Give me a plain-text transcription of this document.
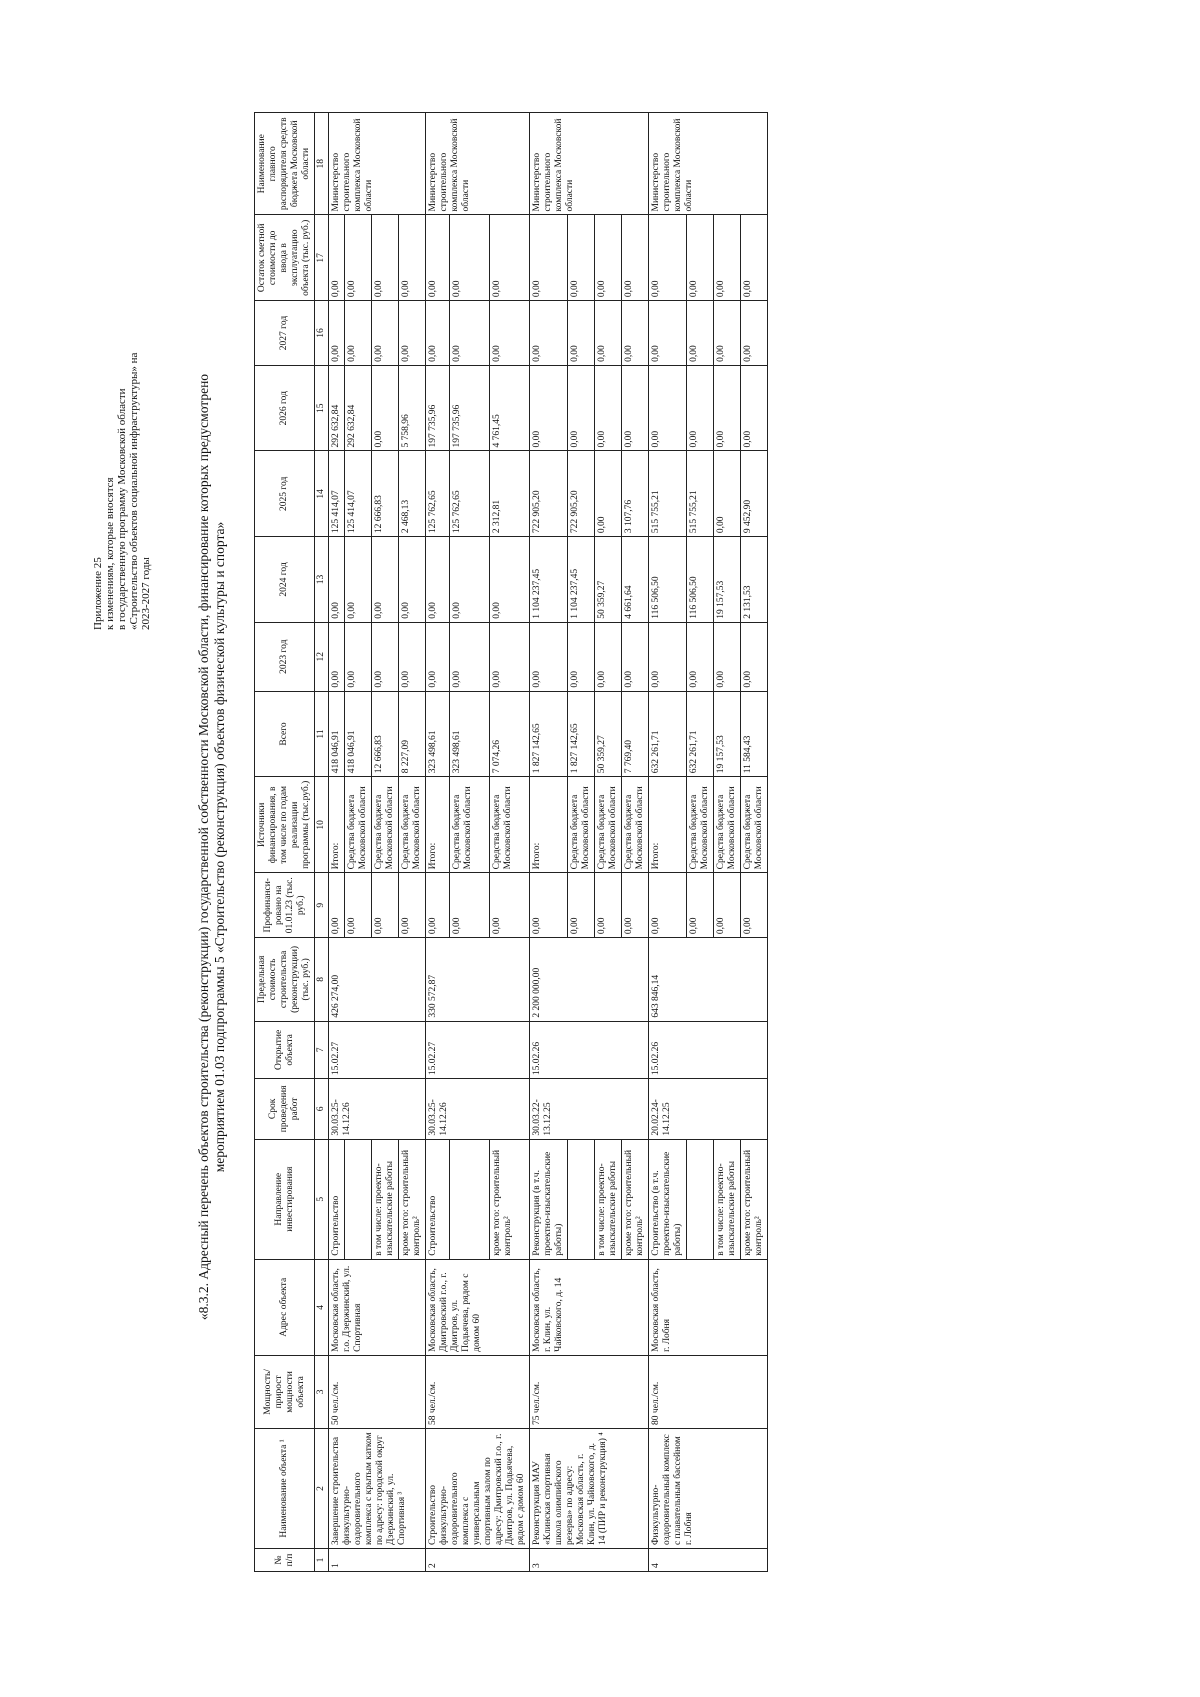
Приложение 25 к изменениям, которые вносятся в государственную программу Московской области «Строительство объектов социальной инфраструктуры» на 2023-2027 годы	«8.3.2. Адресный перечень объектов строительства (реконструкции) государственной собственности Московской области, финансирование которых предусмотрено мероприятием 01.03 подпрограммы 5 «Строительство (реконструкция) объектов физической культуры и спорта»
№ п/п	Наименование объекта ¹	Мощность/ прирост мощности объекта	Адрес объекта	Направление инвестирования	Срок проведения работ	Открытие объекта	Предельная стоимость строительства (реконструкции) (тыс. руб.)	Профинанси-ровано на 01.01.23 (тыс. руб.)	Источники финансирования, в том числе по годам реализации программы (тыс.руб.)	Всего	2023 год	2024 год	2025 год	2026 год	2027 год	Остаток сметной стоимости до ввода в эксплуатацию объекта (тыс. руб.)	Наименование главного распорядителя средств бюджета Московской области
1	2	3	4	5	6	7	8	9	10	11	12	13	14	15	16	17	18
1	Завершение строительства физкультурно-оздоровительного комплекса с крытым катком по адресу: городской округ Дзержинский, ул. Спортивная ³	50 чел./см.	Московская область, г.о. Дзержинский, ул. Спортивная	Строительство	30.03.25-14.12.26	15.02.27	426 274,00	0,00	Итого:	418 046,91	0,00	0,00	125 414,07	292 632,84	0,00	0,00	Министерство строительного комплекса Московской области
								0,00	Средства бюджета Московской области	418 046,91	0,00	0,00	125 414,07	292 632,84	0,00	0,00	
				в том числе: проектно-изыскательские работы				0,00	Средства бюджета Московской области	12 666,83	0,00	0,00	12 666,83	0,00	0,00	0,00	
				кроме того: строительный контроль²				0,00	Средства бюджета Московской области	8 227,09	0,00	0,00	2 468,13	5 758,96	0,00	0,00	
2	Строительство физкультурно-оздоровительного комплекса с универсальным спортивным залом по адресу: Дмитровский г.о., г. Дмитров, ул. Подьячева, рядом с домом 60	58 чел./см.	Московская область, Дмитровский г.о., г. Дмитров, ул. Подьячева, рядом с домом 60	Строительство	30.03.25-14.12.26	15.02.27	330 572,87	0,00	Итого:	323 498,61	0,00	0,00	125 762,65	197 735,96	0,00	0,00	Министерство строительного комплекса Московской области
								0,00	Средства бюджета Московской области	323 498,61	0,00	0,00	125 762,65	197 735,96	0,00	0,00	
				кроме того: строительный контроль²				0,00	Средства бюджета Московской области	7 074,26	0,00	0,00	2 312,81	4 761,45	0,00	0,00	
3	Реконструкция МАУ «Клинская спортивная школа олимпийского резерва» по адресу: Московская область, г. Клин, ул. Чайковского, д. 14 (ПИР и реконструкция) ⁴	75 чел./см.	Московская область, г. Клин, ул. Чайковского, д. 14	Реконструкция (в т.ч. проектно-изыскательские работы)	30.03.22-13.12.25	15.02.26	2 200 000,00	0,00	Итого:	1 827 142,65	0,00	1 104 237,45	722 905,20	0,00	0,00	0,00	Министерство строительного комплекса Московской области
								0,00	Средства бюджета Московской области	1 827 142,65	0,00	1 104 237,45	722 905,20	0,00	0,00	0,00	
				в том числе: проектно-изыскательские работы				0,00	Средства бюджета Московской области	50 359,27	0,00	50 359,27	0,00	0,00	0,00	0,00	
				кроме того: строительный контроль²				0,00	Средства бюджета Московской области	7 769,40	0,00	4 661,64	3 107,76	0,00	0,00	0,00	
4	Физкультурно-оздоровительный комплекс с плавательным бассейном г. Лобня	80 чел./см.	Московская область, г. Лобня	Строительство (в т.ч. проектно-изыскательские работы)	20.02.24-14.12.25	15.02.26	643 846,14	0,00	Итого:	632 261,71	0,00	116 506,50	515 755,21	0,00	0,00	0,00	Министерство строительного комплекса Московской области
								0,00	Средства бюджета Московской области	632 261,71	0,00	116 506,50	515 755,21	0,00	0,00	0,00	
				в том числе: проектно-изыскательские работы				0,00	Средства бюджета Московской области	19 157,53	0,00	19 157,53	0,00	0,00	0,00	0,00	
				кроме того: строительный контроль²				0,00	Средства бюджета Московской области	11 584,43	0,00	2 131,53	9 452,90	0,00	0,00	0,00	
